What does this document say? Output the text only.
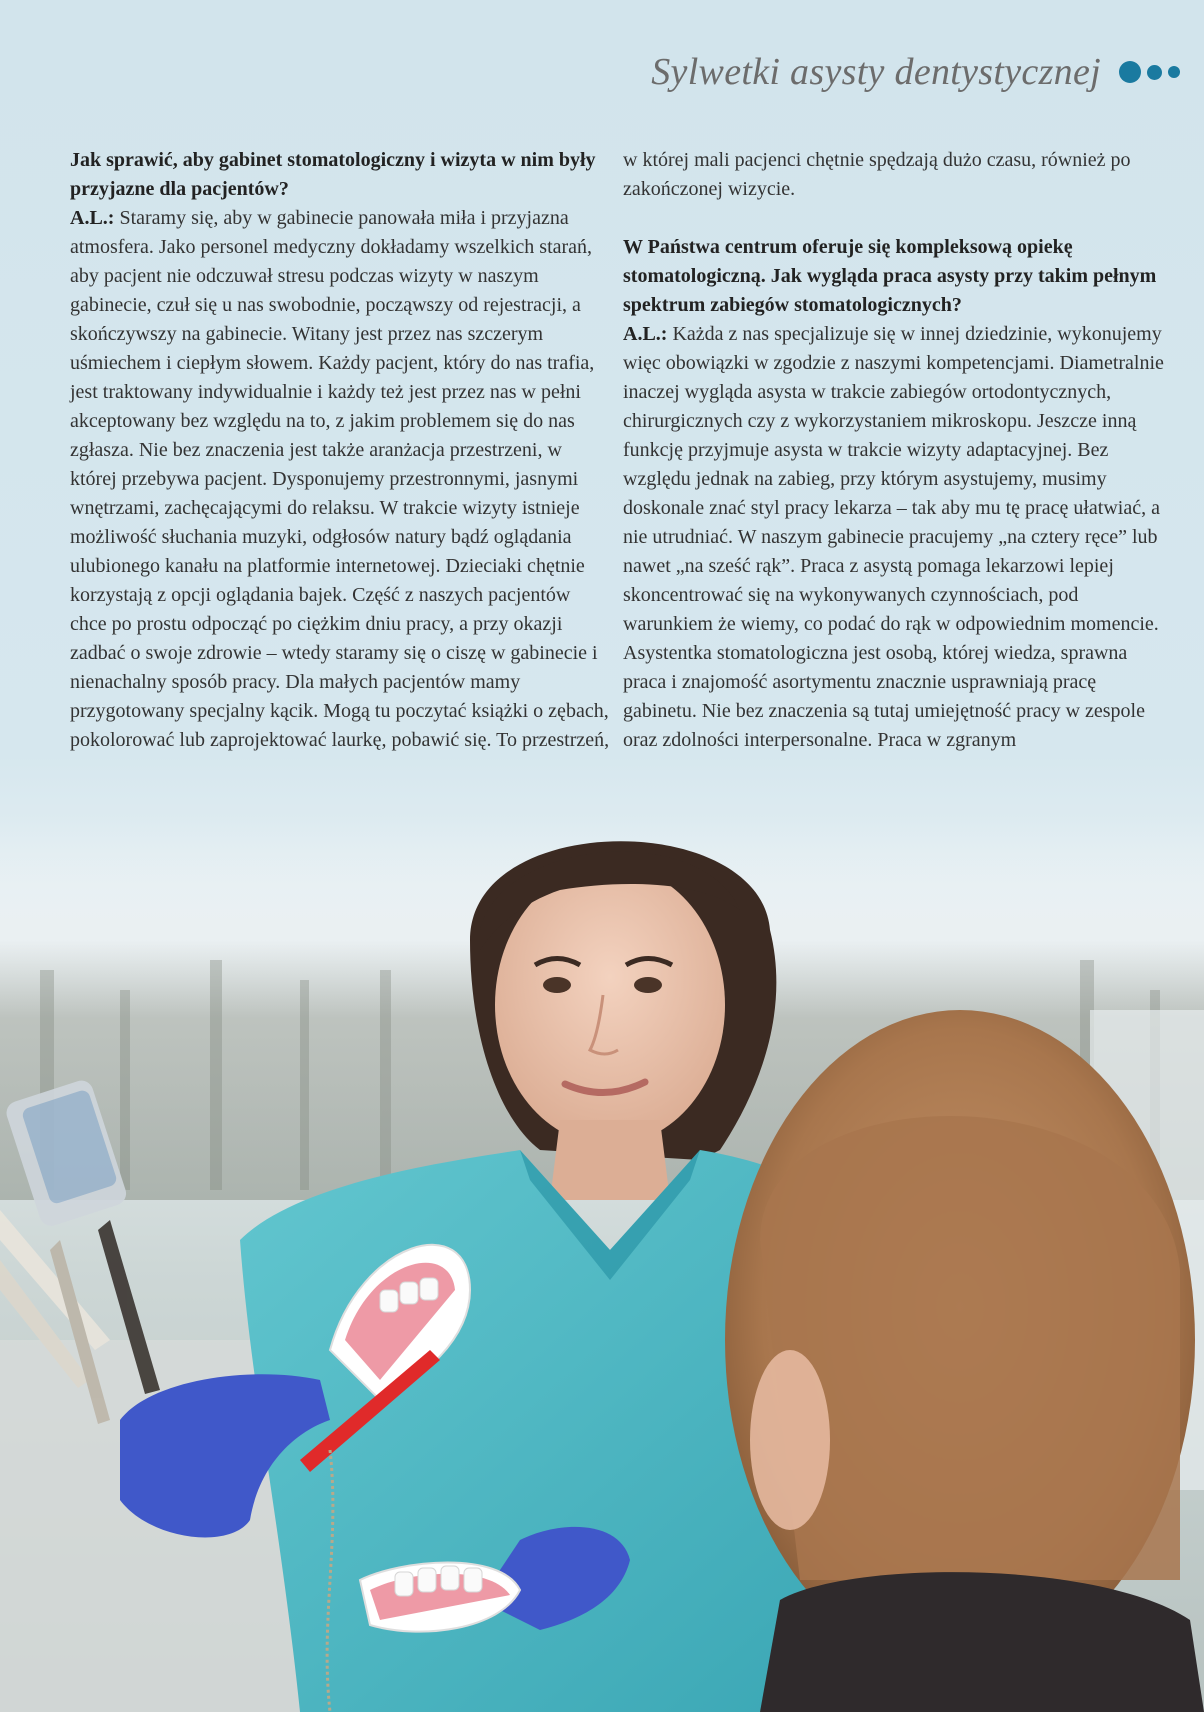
Sylwetki asysty dentystycznej

Jak sprawić, aby gabinet stomatologiczny i wizyta w nim były przyjazne dla pacjentów?

A.L.: Staramy się, aby w gabinecie panowała miła i przyjazna atmosfera. Jako personel medyczny dokładamy wszelkich starań, aby pacjent nie odczuwał stresu podczas wizyty w naszym gabinecie, czuł się u nas swobodnie, począwszy od rejestracji, a skończywszy na gabinecie. Witany jest przez nas szczerym uśmiechem i ciepłym słowem. Każdy pacjent, który do nas trafia, jest traktowany indywidualnie i każdy też jest przez nas w pełni akceptowany bez względu na to, z jakim problemem się do nas zgłasza. Nie bez znaczenia jest także aranżacja przestrzeni, w której przebywa pacjent. Dysponujemy przestronnymi, jasnymi wnętrzami, zachęcającymi do relaksu. W trakcie wizyty istnieje możliwość słuchania muzyki, odgłosów natury bądź oglądania ulubionego kanału na platformie internetowej. Dzieciaki chętnie korzystają z opcji oglądania bajek. Część z naszych pacjentów chce po prostu odpocząć po ciężkim dniu pracy, a przy okazji zadbać o swoje zdrowie – wtedy staramy się o ciszę w gabinecie i nienachalny sposób pracy. Dla małych pacjentów mamy przygotowany specjalny kącik. Mogą tu poczytać książki o zębach, pokolorować lub zaprojektować laurkę, pobawić się. To przestrzeń,

w której mali pacjenci chętnie spędzają dużo czasu, również po zakończonej wizycie.

W Państwa centrum oferuje się kompleksową opiekę stomatologiczną. Jak wygląda praca asysty przy takim pełnym spektrum zabiegów stomatologicznych?

A.L.: Każda z nas specjalizuje się w innej dziedzinie, wykonujemy więc obowiązki w zgodzie z naszymi kompetencjami. Diametralnie inaczej wygląda asysta w trakcie zabiegów ortodontycznych, chirurgicznych czy z wykorzystaniem mikroskopu. Jeszcze inną funkcję przyjmuje asysta w trakcie wizyty adaptacyjnej. Bez względu jednak na zabieg, przy którym asystujemy, musimy doskonale znać styl pracy lekarza – tak aby mu tę pracę ułatwiać, a nie utrudniać. W naszym gabinecie pracujemy „na cztery ręce” lub nawet „na sześć rąk”. Praca z asystą pomaga lekarzowi lepiej skoncentrować się na wykonywanych czynnościach, pod warunkiem że wiemy, co podać do rąk w odpowiednim momencie. Asystentka stomatologiczna jest osobą, której wiedza, sprawna praca i znajomość asortymentu znacznie usprawniają pracę gabinetu. Nie bez znaczenia są tutaj umiejętność pracy w zespole oraz zdolności interpersonalne. Praca w zgranym
